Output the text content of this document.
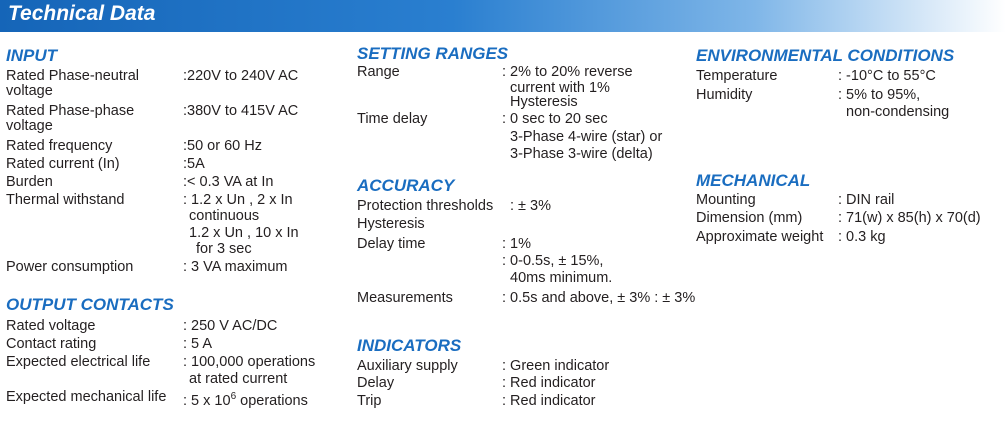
Technical Data
INPUT
Rated Phase-neutral	:220V to 240V AC
voltage
Rated Phase-phase	:380V to 415V AC
voltage
Rated frequency	:50 or 60 Hz
Rated current (In)	:5A
Burden	:< 0.3 VA at In
Thermal withstand	: 1.2 x Un , 2 x In
continuous
1.2 x Un , 10 x In
for 3 sec
Power consumption	: 3 VA maximum
OUTPUT CONTACTS
Rated voltage	: 250 V AC/DC
Contact rating	: 5 A
Expected electrical life : 100,000 operations
at rated current
Expected mechanical life : 5 x $10^6$ operations
SETTING RANGES
Range	: 2% to 20% reverse
current with 1%
Hysteresis
Time delay	: 0 sec to 20 sec
3-Phase 4-wire (star) or
3-Phase 3-wire (delta)
ACCURACY
Protection thresholds : ± 3%
Hysteresis
Delay time	: 1%
: 0-0.5s, ± 15%,
40ms minimum.
Measurements	: 0.5s and above, ± 3% : ± 3%
INDICATORS
Auxiliary supply	: Green indicator
Delay	: Red indicator
Trip	: Red indicator
ENVIRONMENTAL CONDITIONS
Temperature	: -10°C to 55°C
Humidity	: 5% to 95%,
non-condensing
MECHANICAL
Mounting	: DIN rail
Dimension (mm) : 71(w) x 85(h) x 70(d)
Approximate weight : 0.3 kg
